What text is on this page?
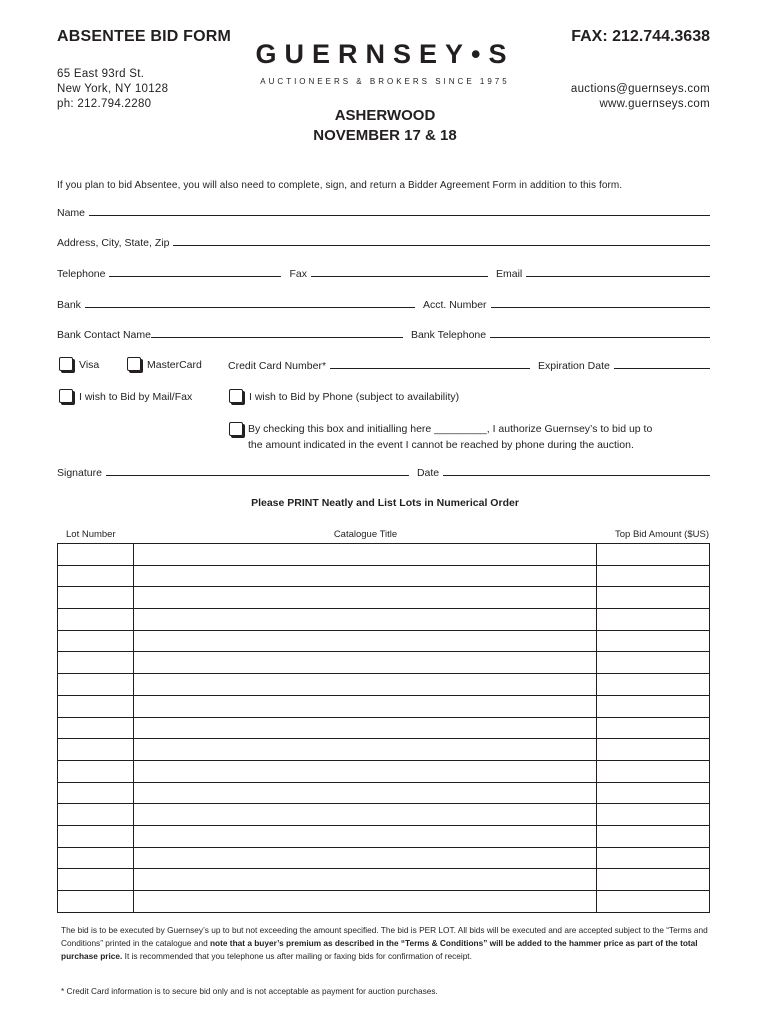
ABSENTEE BID FORM	FAX: 212.744.3638
65 East 93rd St.
New York, NY 10128
ph: 212.794.2280
GUERNSEY•S
AUCTIONEERS & BROKERS SINCE 1975
auctions@guernseys.com
www.guernseys.com
ASHERWOOD
NOVEMBER 17 & 18
If you plan to bid Absentee, you will also need to complete, sign, and return a Bidder Agreement Form in addition to this form.
Name
Address, City, State, Zip
Telephone	Fax	Email
Bank	Acct. Number
Bank Contact Name	Bank Telephone
Visa	MasterCard Credit Card Number*	Expiration Date
I wish to Bid by Mail/Fax	I wish to Bid by Phone (subject to availability)
By checking this box and initialling here _________, I authorize Guernsey’s to bid up to
the amount indicated in the event I cannot be reached by phone during the auction.
Signature	Date
Please PRINT Neatly and List Lots in Numerical Order
Lot Number	Catalogue Title	Top Bid Amount ($US)

The bid is to be executed by Guernsey’s up to but not exceeding the amount specified. The bid is PER LOT. All bids will be executed and are accepted subject to the “Terms and Conditions” printed in the catalogue and note that a buyer’s premium as described in the “Terms & Conditions” will be added to the hammer price as part of the total purchase price. It is recommended that you telephone us after mailing or faxing bids for confirmation of receipt.
* Credit Card information is to secure bid only and is not acceptable as payment for auction purchases.
